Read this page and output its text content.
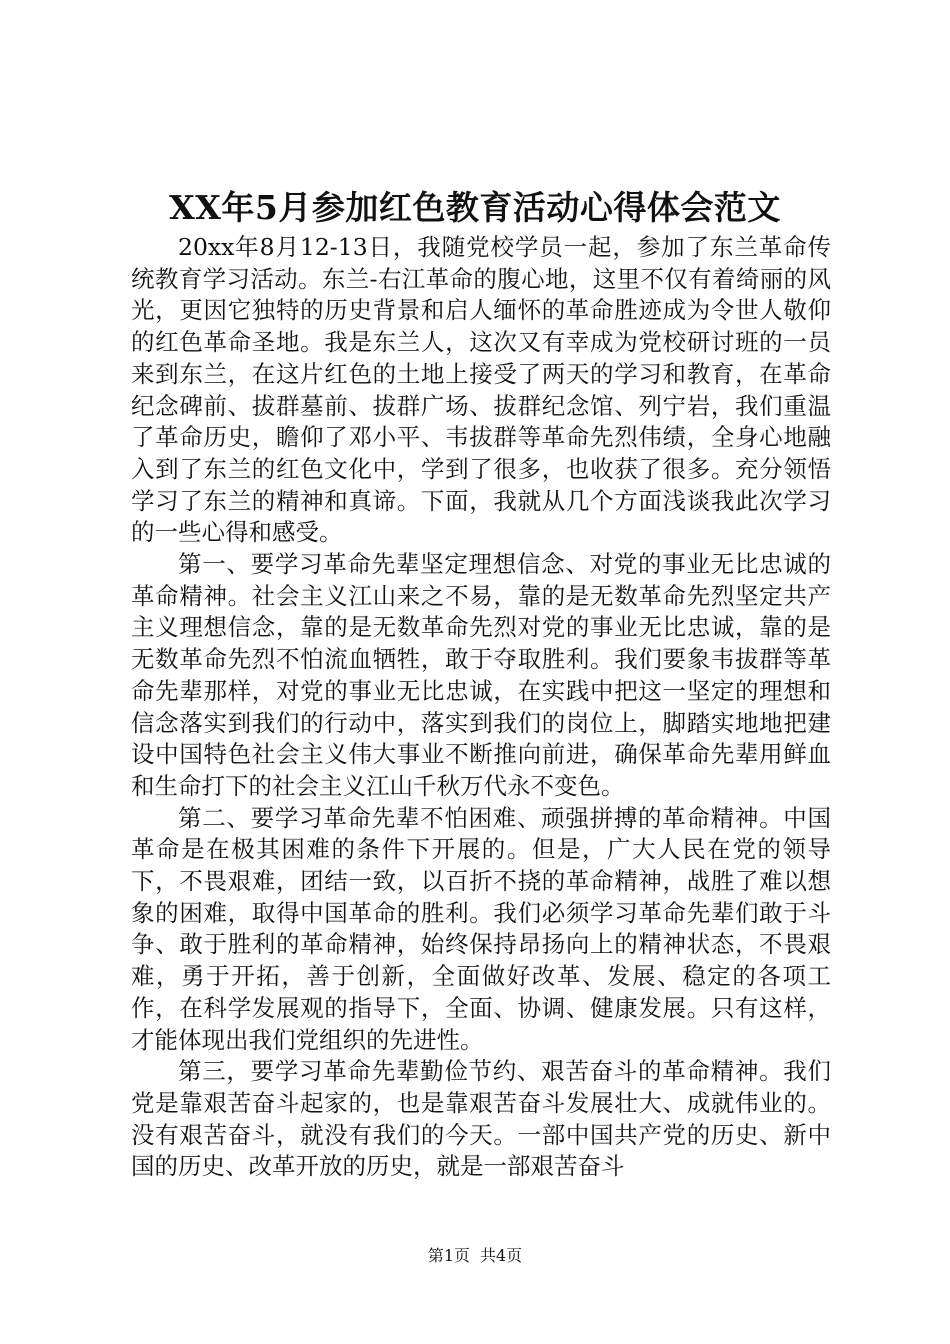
XX年5月参加红色教育活动心得体会范文

20xx年8月12-13日，我随党校学员一起，参加了东兰革命传统教育学习活动。东兰-右江革命的腹心地，这里不仅有着绮丽的风光，更因它独特的历史背景和启人缅怀的革命胜迹成为令世人敬仰的红色革命圣地。我是东兰人，这次又有幸成为党校研讨班的一员来到东兰，在这片红色的土地上接受了两天的学习和教育，在革命纪念碑前、拔群墓前、拔群广场、拔群纪念馆、列宁岩，我们重温了革命历史，瞻仰了邓小平、韦拔群等革命先烈伟绩，全身心地融入到了东兰的红色文化中，学到了很多，也收获了很多。充分领悟学习了东兰的精神和真谛。下面，我就从几个方面浅谈我此次学习的一些心得和感受。

第一、要学习革命先辈坚定理想信念、对党的事业无比忠诚的革命精神。社会主义江山来之不易，靠的是无数革命先烈坚定共产主义理想信念，靠的是无数革命先烈对党的事业无比忠诚，靠的是无数革命先烈不怕流血牺牲，敢于夺取胜利。我们要象韦拔群等革命先辈那样，对党的事业无比忠诚，在实践中把这一坚定的理想和信念落实到我们的行动中，落实到我们的岗位上，脚踏实地地把建设中国特色社会主义伟大事业不断推向前进，确保革命先辈用鲜血和生命打下的社会主义江山千秋万代永不变色。

第二、要学习革命先辈不怕困难、顽强拼搏的革命精神。中国革命是在极其困难的条件下开展的。但是，广大人民在党的领导下，不畏艰难，团结一致，以百折不挠的革命精神，战胜了难以想象的困难，取得中国革命的胜利。我们必须学习革命先辈们敢于斗争、敢于胜利的革命精神，始终保持昂扬向上的精神状态，不畏艰难，勇于开拓，善于创新，全面做好改革、发展、稳定的各项工作，在科学发展观的指导下，全面、协调、健康发展。只有这样，才能体现出我们党组织的先进性。

第三，要学习革命先辈勤俭节约、艰苦奋斗的革命精神。我们党是靠艰苦奋斗起家的，也是靠艰苦奋斗发展壮大、成就伟业的。没有艰苦奋斗，就没有我们的今天。一部中国共产党的历史、新中国的历史、改革开放的历史，就是一部艰苦奋斗

第1页 共4页
